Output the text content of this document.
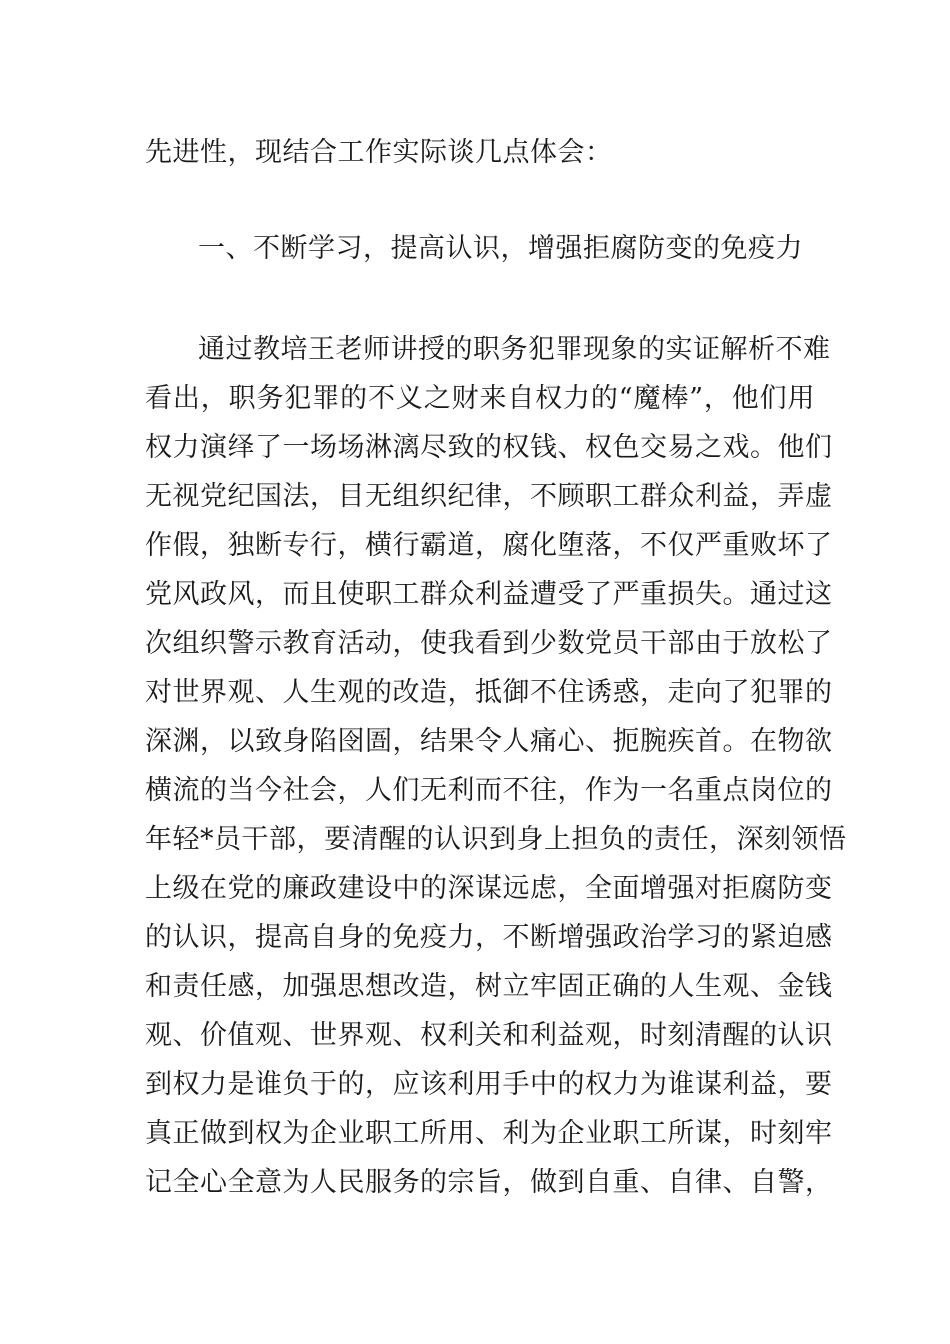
先进性，现结合工作实际谈几点体会：
一、不断学习，提高认识，增强拒腐防变的免疫力
通过教培王老师讲授的职务犯罪现象的实证解析不难
看出，职务犯罪的不义之财来自权力的“魔棒”，他们用
权力演绎了一场场淋漓尽致的权钱、权色交易之戏。他们
无视党纪国法，目无组织纪律，不顾职工群众利益，弄虚
作假，独断专行，横行霸道，腐化堕落，不仅严重败坏了
党风政风，而且使职工群众利益遭受了严重损失。通过这
次组织警示教育活动，使我看到少数党员干部由于放松了
对世界观、人生观的改造，抵御不住诱惑，走向了犯罪的
深渊，以致身陷囹圄，结果令人痛心、扼腕疾首。在物欲
横流的当今社会，人们无利而不往，作为一名重点岗位的
年轻*员干部，要清醒的认识到身上担负的责任，深刻领悟
上级在党的廉政建设中的深谋远虑，全面增强对拒腐防变
的认识，提高自身的免疫力，不断增强政治学习的紧迫感
和责任感，加强思想改造，树立牢固正确的人生观、金钱
观、价值观、世界观、权利关和利益观，时刻清醒的认识
到权力是谁负于的，应该利用手中的权力为谁谋利益，要
真正做到权为企业职工所用、利为企业职工所谋，时刻牢
记全心全意为人民服务的宗旨，做到自重、自律、自警，
